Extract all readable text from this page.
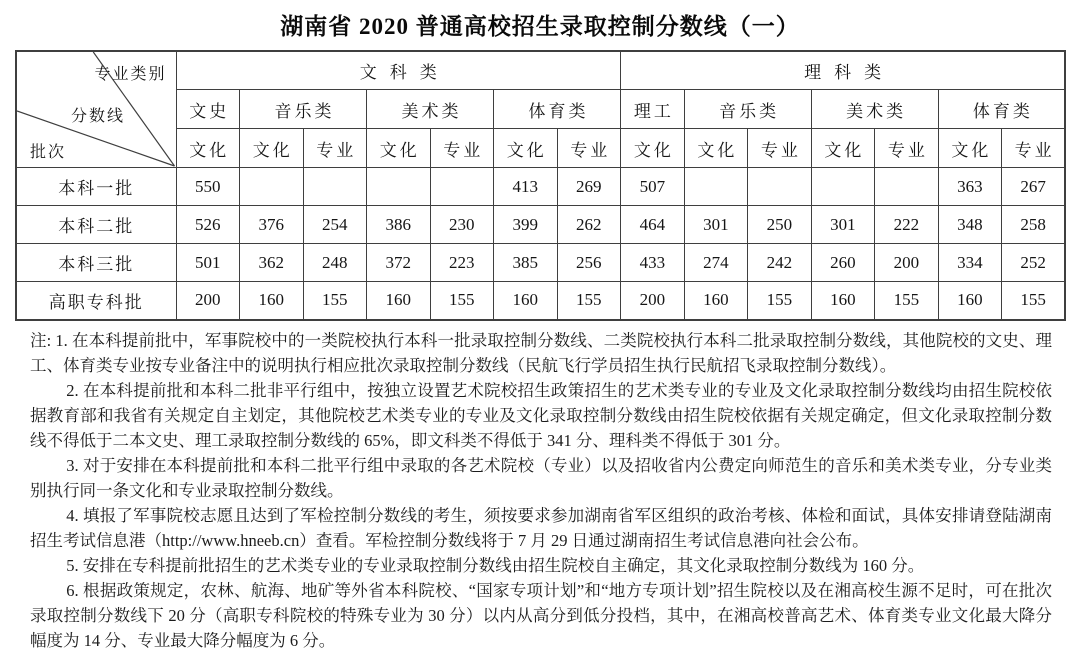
湖南省 2020 普通高校招生录取控制分数线（一）
专业类别
分数线
批次	文科类							理科类						
	文史	音乐类		美术类		体育类		理工	音乐类		美术类		体育类	
	文化	文化	专业	文化	专业	文化	专业	文化	文化	专业	文化	专业	文化	专业
本科一批	550					413	269	507					363	267
本科二批	526	376	254	386	230	399	262	464	301	250	301	222	348	258
本科三批	501	362	248	372	223	385	256	433	274	242	260	200	334	252
高职专科批	200	160	155	160	155	160	155	200	160	155	160	155	160	155

注: 1. 在本科提前批中，军事院校中的一类院校执行本科一批录取控制分数线、二类院校执行本科二批录取控制分数线，其他院校的文史、理工、体育类专业按专业备注中的说明执行相应批次录取控制分数线（民航飞行学员招生执行民航招飞录取控制分数线）。

2. 在本科提前批和本科二批非平行组中，按独立设置艺术院校招生政策招生的艺术类专业的专业及文化录取控制分数线均由招生院校依据教育部和我省有关规定自主划定，其他院校艺术类专业的专业及文化录取控制分数线由招生院校依据有关规定确定，但文化录取控制分数线不得低于二本文史、理工录取控制分数线的 65%，即文科类不得低于 341 分、理科类不得低于 301 分。

3. 对于安排在本科提前批和本科二批平行组中录取的各艺术院校（专业）以及招收省内公费定向师范生的音乐和美术类专业，分专业类别执行同一条文化和专业录取控制分数线。

4. 填报了军事院校志愿且达到了军检控制分数线的考生，须按要求参加湖南省军区组织的政治考核、体检和面试，具体安排请登陆湖南招生考试信息港（http://www.hneeb.cn）查看。军检控制分数线将于 7 月 29 日通过湖南招生考试信息港向社会公布。

5. 安排在专科提前批招生的艺术类专业的专业录取控制分数线由招生院校自主确定，其文化录取控制分数线为 160 分。

6. 根据政策规定，农林、航海、地矿等外省本科院校、“国家专项计划”和“地方专项计划”招生院校以及在湘高校生源不足时，可在批次录取控制分数线下 20 分（高职专科院校的特殊专业为 30 分）以内从高分到低分投档，其中，在湘高校普高艺术、体育类专业文化最大降分幅度为 14 分、专业最大降分幅度为 6 分。
